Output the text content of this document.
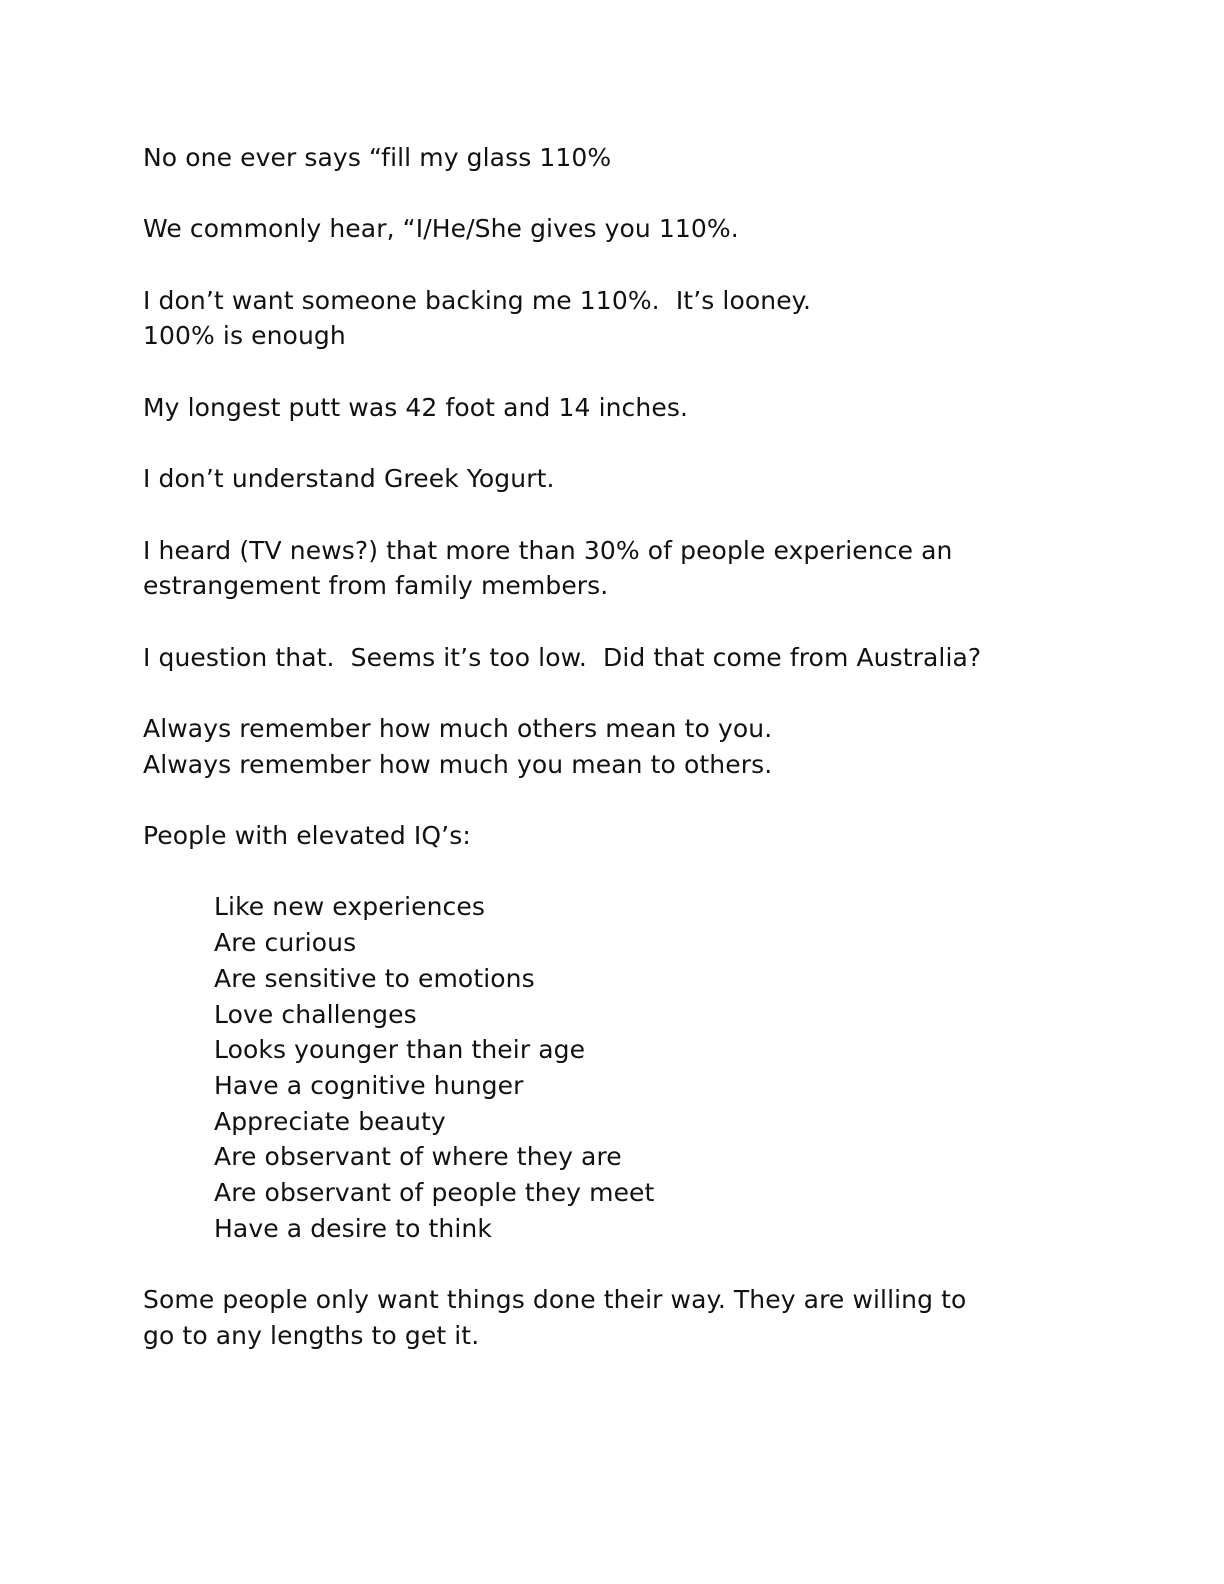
No one ever says “fill my glass 110%
We commonly hear, “I/He/She gives you 110%.
I don’t want someone backing me 110%.  It’s looney.
100% is enough
My longest putt was 42 foot and 14 inches.
I don’t understand Greek Yogurt.
I heard (TV news?) that more than 30% of people experience an
estrangement from family members.
I question that.  Seems it’s too low.  Did that come from Australia?
Always remember how much others mean to you.
Always remember how much you mean to others.
People with elevated IQ’s:
Like new experiences
Are curious
Are sensitive to emotions
Love challenges
Looks younger than their age
Have a cognitive hunger
Appreciate beauty
Are observant of where they are
Are observant of people they meet
Have a desire to think
Some people only want things done their way. They are willing to
go to any lengths to get it.
